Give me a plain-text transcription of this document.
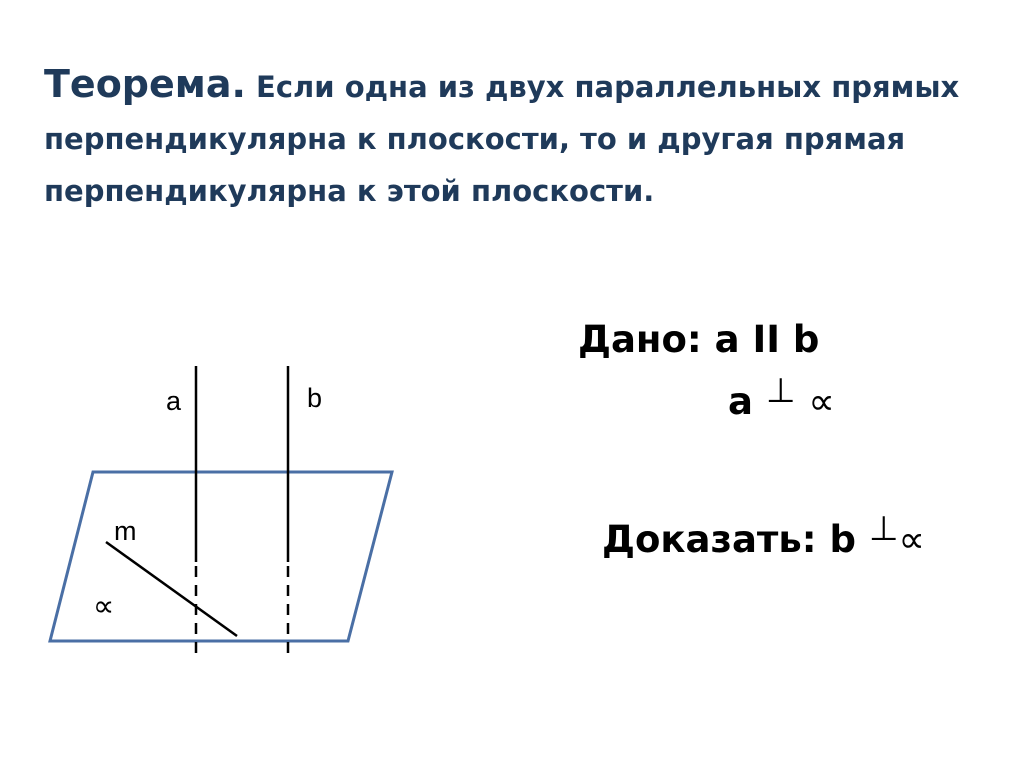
Теорема. Если одна из двух параллельных прямых перпендикулярна к плоскости, то и другая прямая перпендикулярна к этой плоскости.
Дано: a II b
a ⊥ ∝
Доказать: b ⊥∝
a	b
m
∝
